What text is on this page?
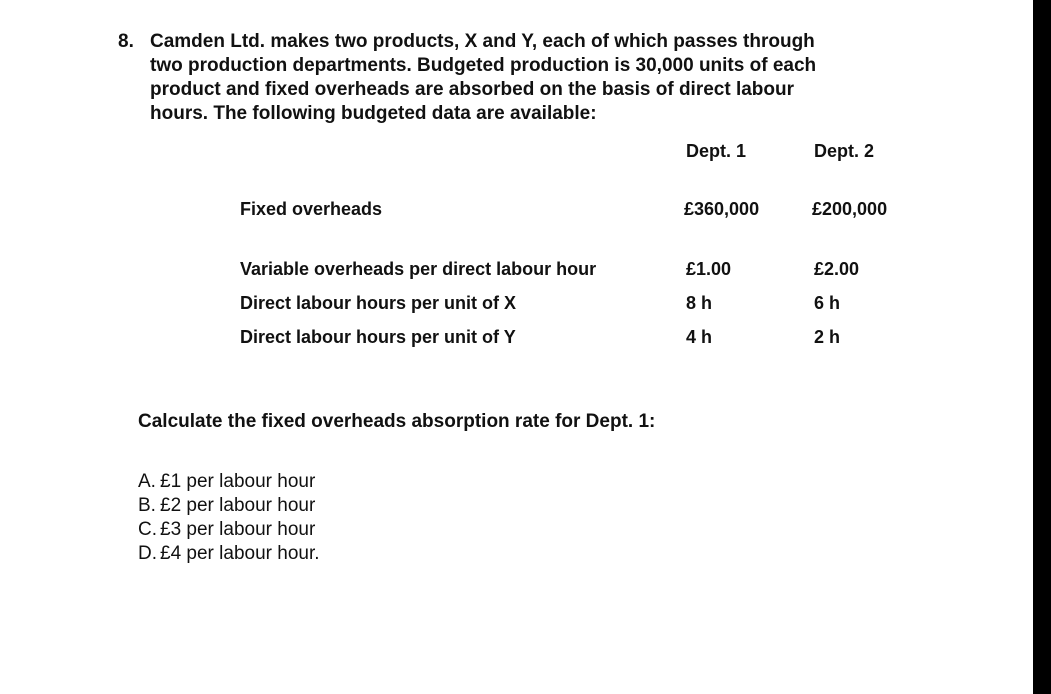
8. Camden Ltd. makes two products, X and Y, each of which passes through
two production departments. Budgeted production is 30,000 units of each
product and fixed overheads are absorbed on the basis of direct labour
hours. The following budgeted data are available:
Dept. 1	Dept. 2
Fixed overheads	£360,000	£200,000
Variable overheads per direct labour hour	£1.00	£2.00
Direct labour hours per unit of X	8 h	6 h
Direct labour hours per unit of Y	4 h	2 h
Calculate the fixed overheads absorption rate for Dept. 1:
A. £1 per labour hour
B. £2 per labour hour
C. £3 per labour hour
D. £4 per labour hour.
